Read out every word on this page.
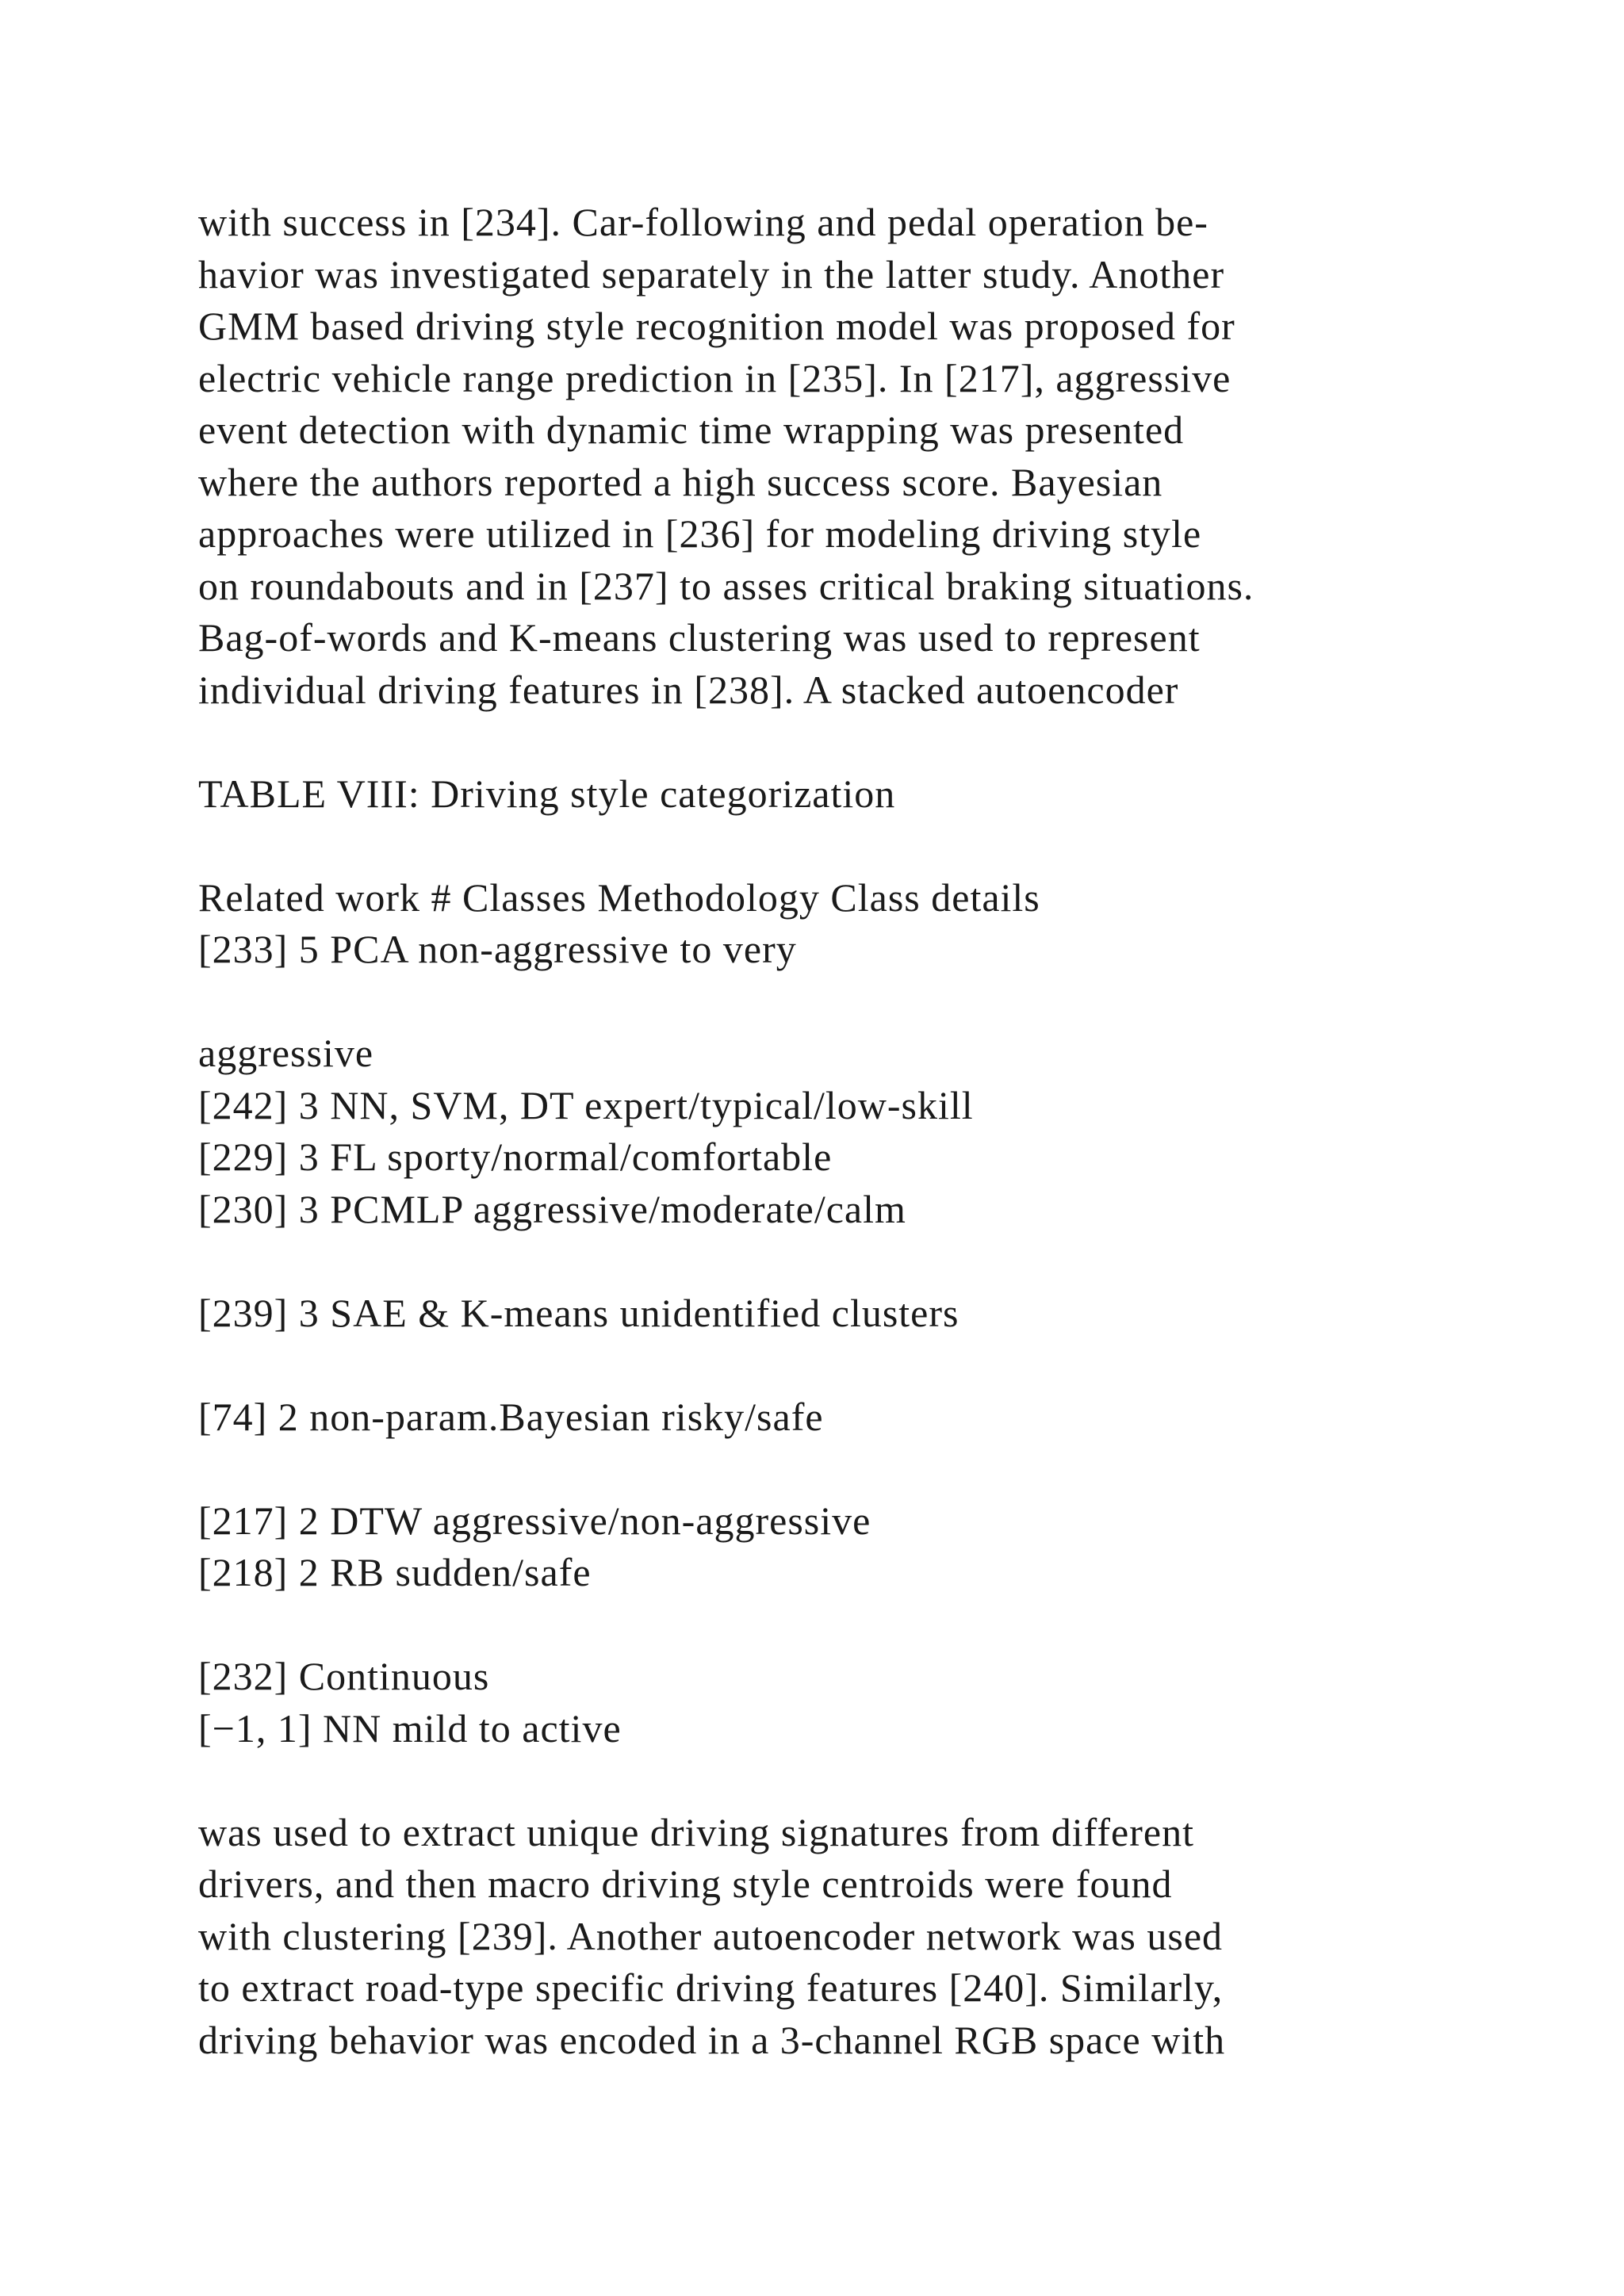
with success in [234]. Car-following and pedal operation be-
havior was investigated separately in the latter study. Another
GMM based driving style recognition model was proposed for
electric vehicle range prediction in [235]. In [217], aggressive
event detection with dynamic time wrapping was presented
where the authors reported a high success score. Bayesian
approaches were utilized in [236] for modeling driving style
on roundabouts and in [237] to asses critical braking situations.
Bag-of-words and K-means clustering was used to represent
individual driving features in [238]. A stacked autoencoder
TABLE VIII: Driving style categorization
Related work # Classes Methodology Class details
[233] 5 PCA non-aggressive to very
aggressive
[242] 3 NN, SVM, DT expert/typical/low-skill
[229] 3 FL sporty/normal/comfortable
[230] 3 PCMLP aggressive/moderate/calm
[239] 3 SAE & K-means unidentified clusters
[74] 2 non-param.Bayesian risky/safe
[217] 2 DTW aggressive/non-aggressive
[218] 2 RB sudden/safe
[232] Continuous
[−1, 1] NN mild to active
was used to extract unique driving signatures from different
drivers, and then macro driving style centroids were found
with clustering [239]. Another autoencoder network was used
to extract road-type specific driving features [240]. Similarly,
driving behavior was encoded in a 3-channel RGB space with
